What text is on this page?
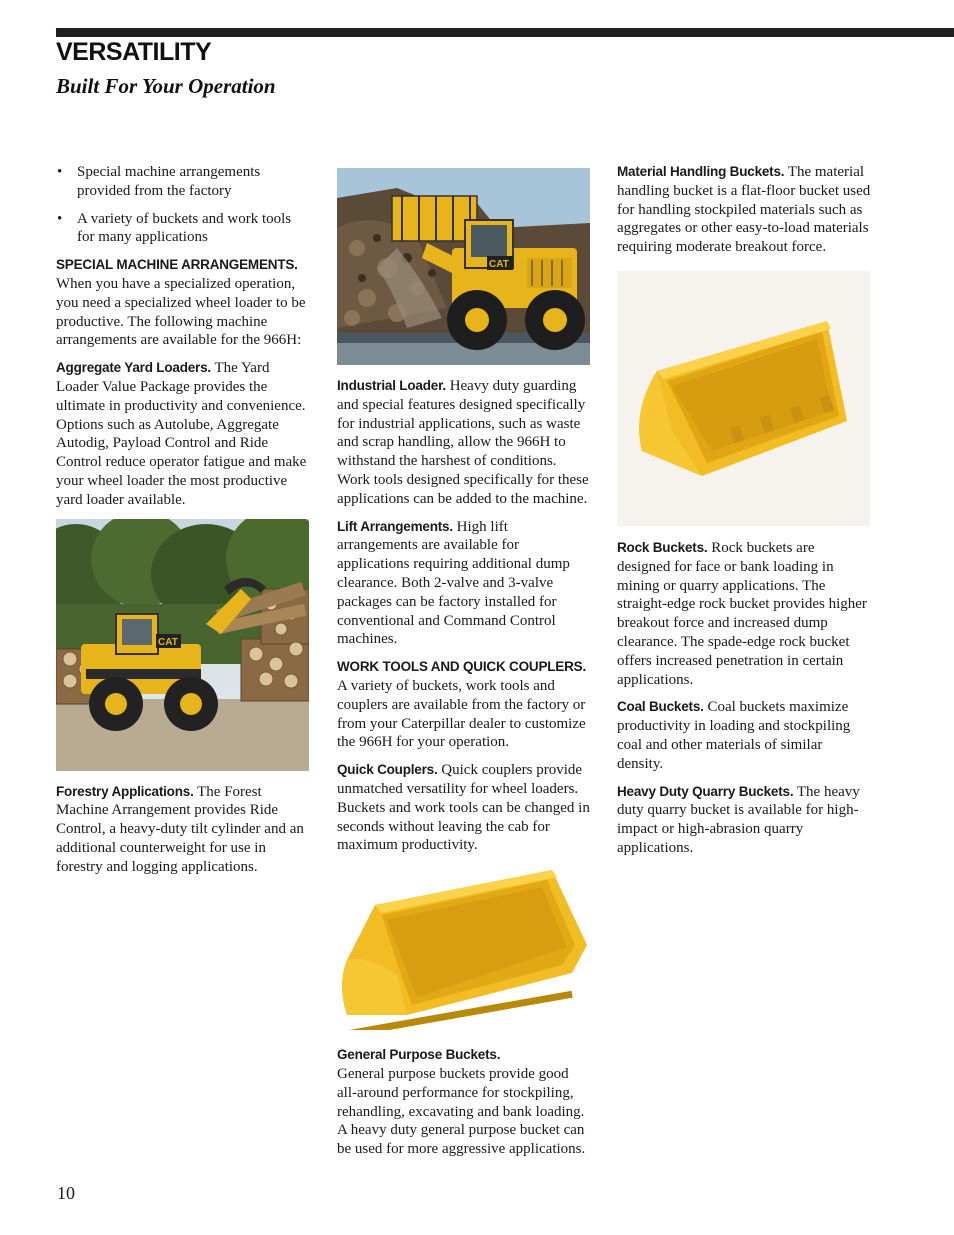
VERSATILITY
Built For Your Operation
• Special machine arrangements provided from the factory
• A variety of buckets and work tools for many applications

SPECIAL MACHINE ARRANGEMENTS.
When you have a specialized operation, you need a specialized wheel loader to be productive. The following machine arrangements are available for the 966H:

Aggregate Yard Loaders. The Yard Loader Value Package provides the ultimate in productivity and convenience. Options such as Autolube, Aggregate Autodig, Payload Control and Ride Control reduce operator fatigue and make your wheel loader the most productive yard loader available.

CAT

Forestry Applications. The Forest Machine Arrangement provides Ride Control, a heavy-duty tilt cylinder and an additional counterweight for use in forestry and logging applications.

CAT

Industrial Loader. Heavy duty guarding and special features designed specifically for industrial applications, such as waste and scrap handling, allow the 966H to withstand the harshest of conditions. Work tools designed specifically for these applications can be added to the machine.

Lift Arrangements. High lift arrangements are available for applications requiring additional dump clearance. Both 2-valve and 3-valve packages can be factory installed for conventional and Command Control machines.

WORK TOOLS AND QUICK COUPLERS.
A variety of buckets, work tools and couplers are available from the factory or from your Caterpillar dealer to customize the 966H for your operation.

Quick Couplers. Quick couplers provide unmatched versatility for wheel loaders. Buckets and work tools can be changed in seconds without leaving the cab for maximum productivity.

General Purpose Buckets.
General purpose buckets provide good all-around performance for stockpiling, rehandling, excavating and bank loading. A heavy duty general purpose bucket can be used for more aggressive applications.

Material Handling Buckets. The material handling bucket is a flat-floor bucket used for handling stockpiled materials such as aggregates or other easy-to-load materials requiring moderate breakout force.

Rock Buckets. Rock buckets are designed for face or bank loading in mining or quarry applications. The straight-edge rock bucket provides higher breakout force and increased dump clearance. The spade-edge rock bucket offers increased penetration in certain applications.

Coal Buckets. Coal buckets maximize productivity in loading and stockpiling coal and other materials of similar density.

Heavy Duty Quarry Buckets. The heavy duty quarry bucket is available for high-impact or high-abrasion quarry applications.

10
